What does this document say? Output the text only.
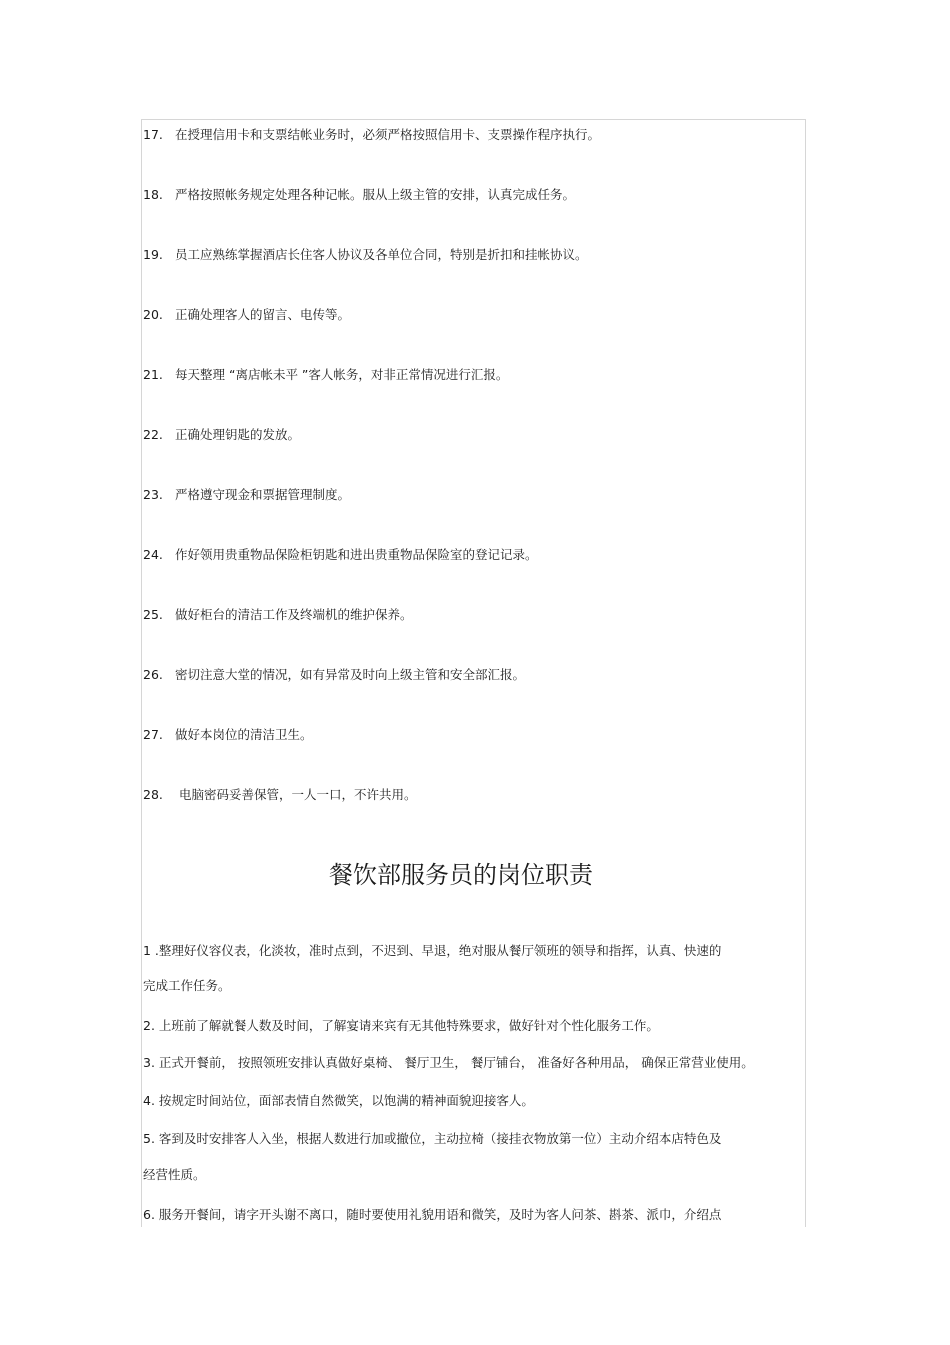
17. 在授理信用卡和支票结帐业务时，必须严格按照信用卡、支票操作程序执行。
18. 严格按照帐务规定处理各种记帐。服从上级主管的安排，认真完成任务。
19. 员工应熟练掌握酒店长住客人协议及各单位合同，特别是折扣和挂帐协议。
20. 正确处理客人的留言、电传等。
21. 每天整理 “离店帐未平 ”客人帐务，对非正常情况进行汇报。
22. 正确处理钥匙的发放。
23. 严格遵守现金和票据管理制度。
24. 作好领用贵重物品保险柜钥匙和进出贵重物品保险室的登记记录。
25. 做好柜台的清洁工作及终端机的维护保养。
26. 密切注意大堂的情况，如有异常及时向上级主管和安全部汇报。
27. 做好本岗位的清洁卫生。
28. 电脑密码妥善保管，一人一口，不许共用。
餐饮部服务员的岗位职责
1 .整理好仪容仪表，化淡妆，准时点到，不迟到、早退，绝对服从餐厅领班的领导和指挥，认真、快速的
完成工作任务。
2. 上班前了解就餐人数及时间，了解宴请来宾有无其他特殊要求，做好针对个性化服务工作。
3. 正式开餐前， 按照领班安排认真做好桌椅、 餐厅卫生， 餐厅铺台， 准备好各种用品， 确保正常营业使用。
4. 按规定时间站位，面部表情自然微笑，以饱满的精神面貌迎接客人。
5. 客到及时安排客人入坐，根据人数进行加或撤位，主动拉椅（接挂衣物放第一位）主动介绍本店特色及
经营性质。
6. 服务开餐间，请字开头谢不离口，随时要使用礼貌用语和微笑，及时为客人问茶、斟茶、派巾，介绍点
